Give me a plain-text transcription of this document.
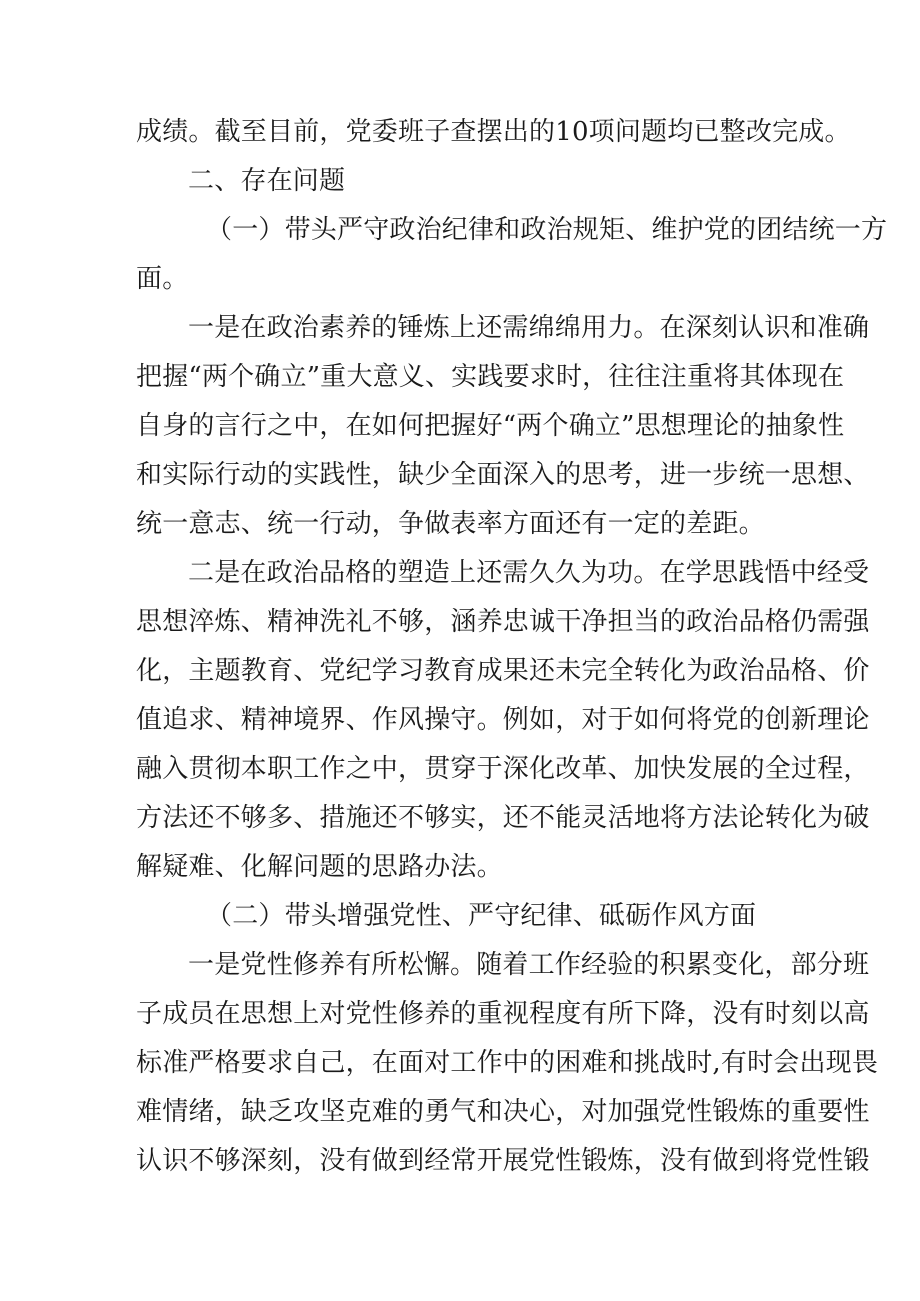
成绩。截至目前，党委班子查摆出的10项问题均已整改完成。
二、存在问题
（一）带头严守政治纪律和政治规矩、维护党的团结统一方
面。
一是在政治素养的锤炼上还需绵绵用力。在深刻认识和准确
把握“两个确立”重大意义、实践要求时，往往注重将其体现在
自身的言行之中，在如何把握好“两个确立”思想理论的抽象性
和实际行动的实践性，缺少全面深入的思考，进一步统一思想、
统一意志、统一行动，争做表率方面还有一定的差距。
二是在政治品格的塑造上还需久久为功。在学思践悟中经受
思想淬炼、精神洗礼不够，涵养忠诚干净担当的政治品格仍需强
化，主题教育、党纪学习教育成果还未完全转化为政治品格、价
值追求、精神境界、作风操守。例如，对于如何将党的创新理论
融入贯彻本职工作之中，贯穿于深化改革、加快发展的全过程，
方法还不够多、措施还不够实，还不能灵活地将方法论转化为破
解疑难、化解问题的思路办法。
（二）带头增强党性、严守纪律、砥砺作风方面
一是党性修养有所松懈。随着工作经验的积累变化，部分班
子成员在思想上对党性修养的重视程度有所下降，没有时刻以高
标准严格要求自己，在面对工作中的困难和挑战时,有时会出现畏
难情绪，缺乏攻坚克难的勇气和决心，对加强党性锻炼的重要性
认识不够深刻，没有做到经常开展党性锻炼，没有做到将党性锻
